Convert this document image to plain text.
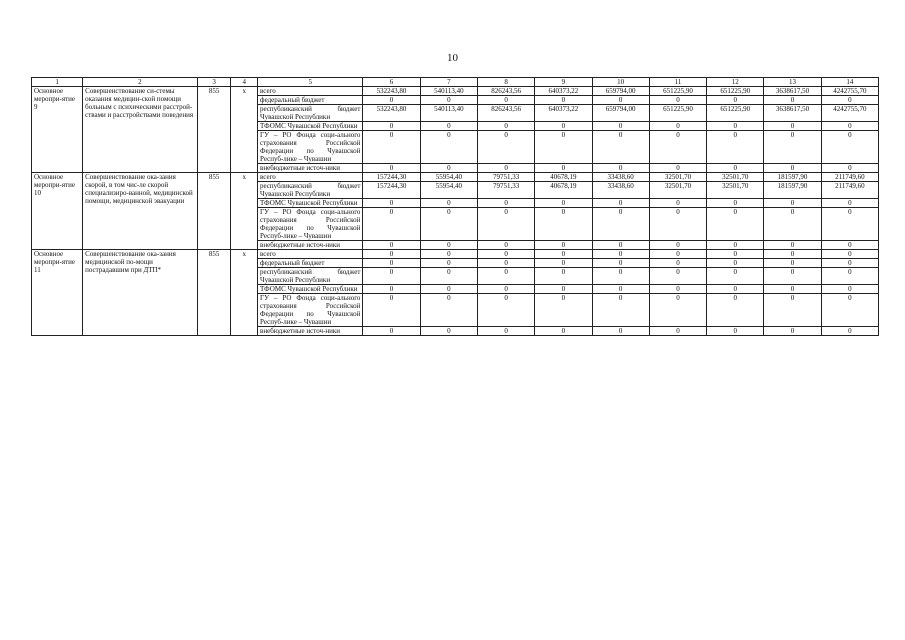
10
1	2	3	4	5	6	7	8	9	10	11	12	13	14
Основное меропри-ятие 9	Совершенствование си-стемы оказания медицин-ской помощи больным с психическими расстрой-ствами и расстройствами поведения	855	x	всего	532243,80	540113,40	826243,56	640373,22	659794,00	651225,90	651225,90	3638617,50	4242755,70
				федеральный бюджет	0	0	0	0	0	0	0	0	0
				республиканский бюджет Чувашской Республики	532243,80	540113,40	826243,56	640373,22	659794,00	651225,90	651225,90	3638617,50	4242755,70
				ТФОМС Чувашской Республики	0	0	0	0	0	0	0	0	0
				ГУ – РО Фонда соци-ального страхования Российской Федерации по Чувашской Респуб-лике – Чувашии	0	0	0	0	0	0	0	0	0
				внебюджетные источ-ники	0	0	0	0	0	0	0	0	0
Основное меропри-ятие 10	Совершенствование ока-зания скорой, в том чис-ле скорой специализиро-ванной, медицинской помощи, медицинской эвакуации	855	x	всего	157244,30	55954,40	79751,33	40678,19	33438,60	32501,70	32501,70	181597,90	211749,60
				республиканский бюджет Чувашской Республики	157244,30	55954,40	79751,33	40678,19	33438,60	32501,70	32501,70	181597,90	211749,60
				ТФОМС Чувашской Республики	0	0	0	0	0	0	0	0	0
				ГУ – РО Фонда соци-ального страхования Российской Федерации по Чувашской Респуб-лике – Чувашии	0	0	0	0	0	0	0	0	0
				внебюджетные источ-ники	0	0	0	0	0	0	0	0	0
Основное меропри-ятие 11	Совершенствование ока-зания медицинской по-мощи пострадавшим при ДТП*	855	x	всего	0	0	0	0	0	0	0	0	0
				федеральный бюджет	0	0	0	0	0	0	0	0	0
				республиканский бюджет Чувашской Республики	0	0	0	0	0	0	0	0	0
				ТФОМС Чувашской Республики	0	0	0	0	0	0	0	0	0
				ГУ – РО Фонда соци-ального страхования Российской Федерации по Чувашской Респуб-лике – Чувашии	0	0	0	0	0	0	0	0	0
				внебюджетные источ-ники	0	0	0	0	0	0	0	0	0
